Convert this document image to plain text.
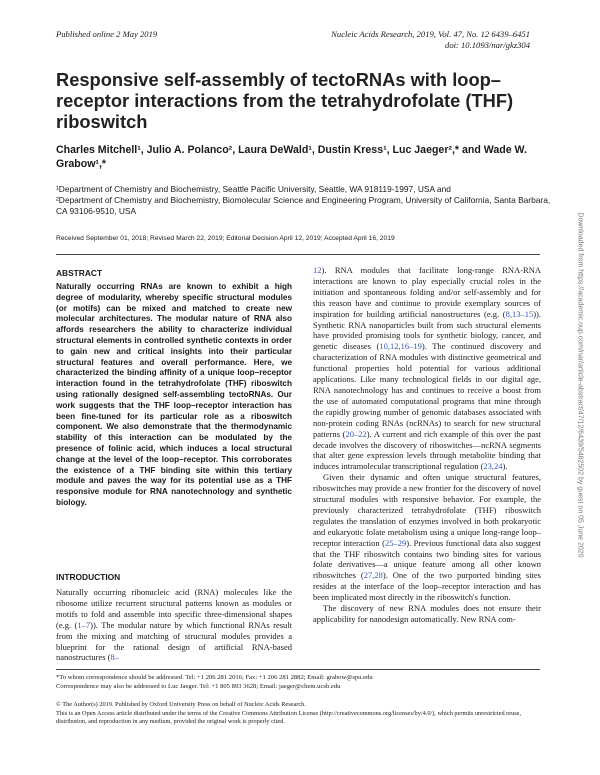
Published online 2 May 2019	Nucleic Acids Research, 2019, Vol. 47, No. 12 6439–6451
doi: 10.1093/nar/gkz304
Responsive self-assembly of tectoRNAs with loop–receptor interactions from the tetrahydrofolate (THF) riboswitch
Charles Mitchell¹, Julio A. Polanco², Laura DeWald¹, Dustin Kress¹, Luc Jaeger²,* and Wade W. Grabow¹,*

¹Department of Chemistry and Biochemistry, Seattle Pacific University, Seattle, WA 918119-1997, USA and

²Department of Chemistry and Biochemistry, Biomolecular Science and Engineering Program, University of California, Santa Barbara, CA 93106-9510, USA

Received September 01, 2018; Revised March 22, 2019; Editorial Decision April 12, 2019; Accepted April 16, 2019
ABSTRACT
Naturally occurring RNAs are known to exhibit a high degree of modularity, whereby specific structural modules (or motifs) can be mixed and matched to create new molecular architectures. The modular nature of RNA also affords researchers the ability to characterize individual structural elements in controlled synthetic contexts in order to gain new and critical insights into their particular structural features and overall performance. Here, we characterized the binding affinity of a unique loop–receptor interaction found in the tetrahydrofolate (THF) riboswitch using rationally designed self-assembling tectoRNAs. Our work suggests that the THF loop–receptor interaction has been fine-tuned for its particular role as a riboswitch component. We also demonstrate that the thermodynamic stability of this interaction can be modulated by the presence of folinic acid, which induces a local structural change at the level of the loop–receptor. This corroborates the existence of a THF binding site within this tertiary module and paves the way for its potential use as a THF responsive module for RNA nanotechnology and synthetic biology.
INTRODUCTION
Naturally occurring ribonucleic acid (RNA) molecules like the ribosome utilize recurrent structural patterns known as modules or motifs to fold and assemble into specific three-dimensional shapes (e.g. (1–7)). The modular nature by which functional RNAs result from the mixing and matching of structural modules provides a blueprint for the rational design of artificial RNA-based nanostructures (8–

12). RNA modules that facilitate long-range RNA-RNA interactions are known to play especially crucial roles in the initiation and spontaneous folding and/or self-assembly and for this reason have and continue to provide exemplary sources of inspiration for building artificial nanostructures (e.g. (8,13–15)). Synthetic RNA nanoparticles built from such structural elements have provided promising tools for synthetic biology, cancer, and genetic diseases (10,12,16–19). The continued discovery and characterization of RNA modules with distinctive geometrical and functional properties hold potential for various additional applications. Like many technological fields in our digital age, RNA nanotechnology has and continues to receive a boost from the use of automated computational programs that mine through the rapidly growing number of genomic databases associated with non-protein coding RNAs (ncRNAs) to search for new structural patterns (20–22). A current and rich example of this over the past decade involves the discovery of riboswitches—ncRNA segments that alter gene expression levels through metabolite binding that induces intramolecular transcriptional regulation (23,24).

Given their dynamic and often unique structural features, riboswitches may provide a new frontier for the discovery of novel structural modules with responsive behavior. For example, the previously characterized tetrahydrofolate (THF) riboswitch regulates the translation of enzymes involved in both prokaryotic and eukaryotic folate metabolism using a unique long-range loop–receptor interaction (25–29). Previous functional data also suggest that the THF riboswitch contains two binding sites for various folate derivatives—a unique feature among all other known riboswitches (27,28). One of the two purported binding sites resides at the interface of the loop–receptor interaction and has been implicated most directly in the riboswitch's function.

The discovery of new RNA modules does not ensure their applicability for nanodesign automatically. New RNA com-

*To whom correspondence should be addressed. Tel: +1 206 281 2016; Fax: +1 206 281 2882; Email: grabow@spu.edu

Correspondence may also be addressed to Luc Jaeger. Tel: +1 805 893 3628; Email: jaeger@chem.ucsb.edu

© The Author(s) 2019. Published by Oxford University Press on behalf of Nucleic Acids Research.

This is an Open Access article distributed under the terms of the Creative Commons Attribution License (http://creativecommons.org/licenses/by/4.0/), which permits unrestricted reuse, distribution, and reproduction in any medium, provided the original work is properly cited.

Downloaded from https://academic.oup.com/nar/article-abstract/47/12/6439/5482502 by guest on 05 June 2020
